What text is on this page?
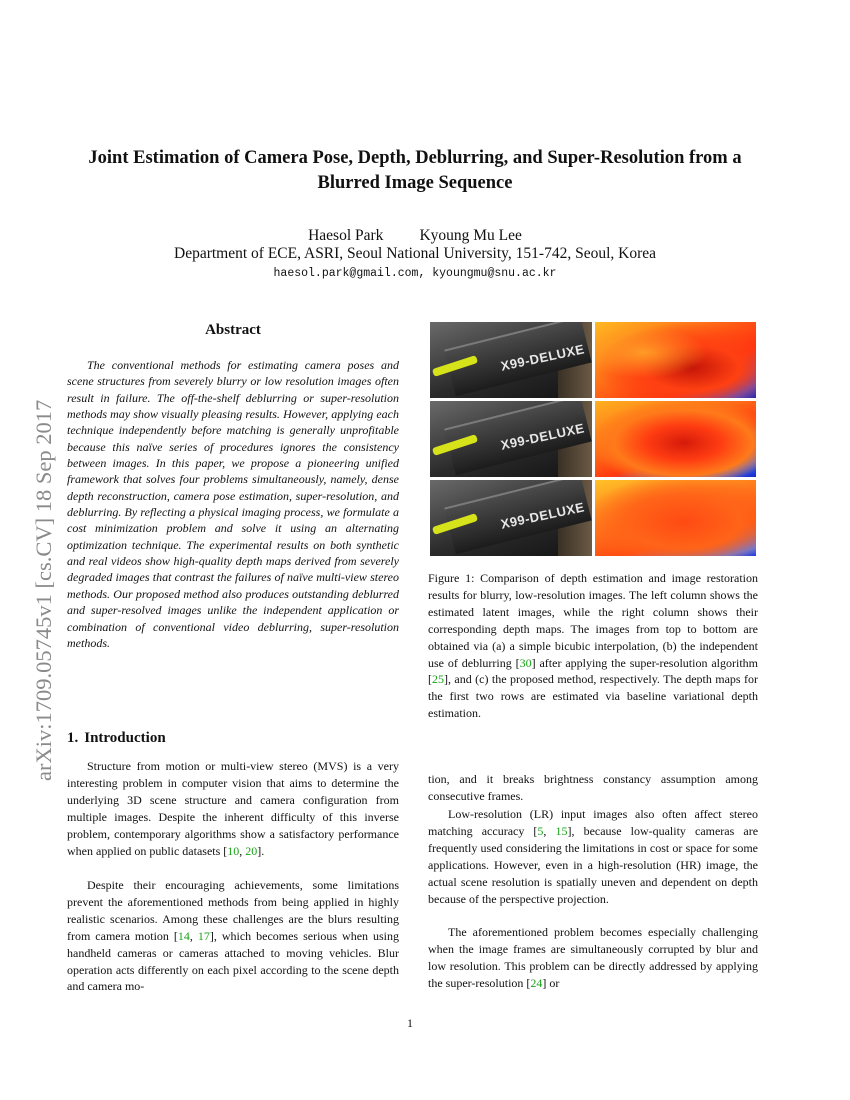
Joint Estimation of Camera Pose, Depth, Deblurring, and Super-Resolution from a Blurred Image Sequence
Haesol Park Kyoung Mu Lee
Department of ECE, ASRI, Seoul National University, 151-742, Seoul, Korea
haesol.park@gmail.com, kyoungmu@snu.ac.kr
arXiv:1709.05745v1 [cs.CV] 18 Sep 2017
Abstract

The conventional methods for estimating camera poses and scene structures from severely blurry or low resolution images often result in failure. The off-the-shelf deblurring or super-resolution methods may show visually pleasing results. However, applying each technique independently before matching is generally unprofitable because this naïve series of procedures ignores the consistency between images. In this paper, we propose a pioneering unified framework that solves four problems simultaneously, namely, dense depth reconstruction, camera pose estimation, super-resolution, and deblurring. By reflecting a physical imaging process, we formulate a cost minimization problem and solve it using an alternating optimization technique. The experimental results on both synthetic and real videos show high-quality depth maps derived from severely degraded images that contrast the failures of naïve multi-view stereo methods. Our proposed method also produces outstanding deblurred and super-resolved images unlike the independent application or combination of conventional video deblurring, super-resolution methods.

1. Introduction

Structure from motion or multi-view stereo (MVS) is a very interesting problem in computer vision that aims to determine the underlying 3D scene structure and camera configuration from multiple images. Despite the inherent difficulty of this inverse problem, contemporary algorithms show a satisfactory performance when applied on public datasets [10, 20].

Despite their encouraging achievements, some limitations prevent the aforementioned methods from being applied in highly realistic scenarios. Among these challenges are the blurs resulting from camera motion [14, 17], which becomes serious when using handheld cameras or cameras attached to moving vehicles. Blur operation acts differently on each pixel according to the scene depth and camera mo-

X99-DELUXE
X99-DELUXE
X99-DELUXE

Figure 1: Comparison of depth estimation and image restoration results for blurry, low-resolution images. The left column shows the estimated latent images, while the right column shows their corresponding depth maps. The images from top to bottom are obtained via (a) a simple bicubic interpolation, (b) the independent use of deblurring [30] after applying the super-resolution algorithm [25], and (c) the proposed method, respectively. The depth maps for the first two rows are estimated via baseline variational depth estimation.

tion, and it breaks brightness constancy assumption among consecutive frames.

Low-resolution (LR) input images also often affect stereo matching accuracy [5, 15], because low-quality cameras are frequently used considering the limitations in cost or space for some applications. However, even in a high-resolution (HR) image, the actual scene resolution is spatially uneven and dependent on depth because of the perspective projection.

The aforementioned problem becomes especially challenging when the image frames are simultaneously corrupted by blur and low resolution. This problem can be directly addressed by applying the super-resolution [24] or

1
